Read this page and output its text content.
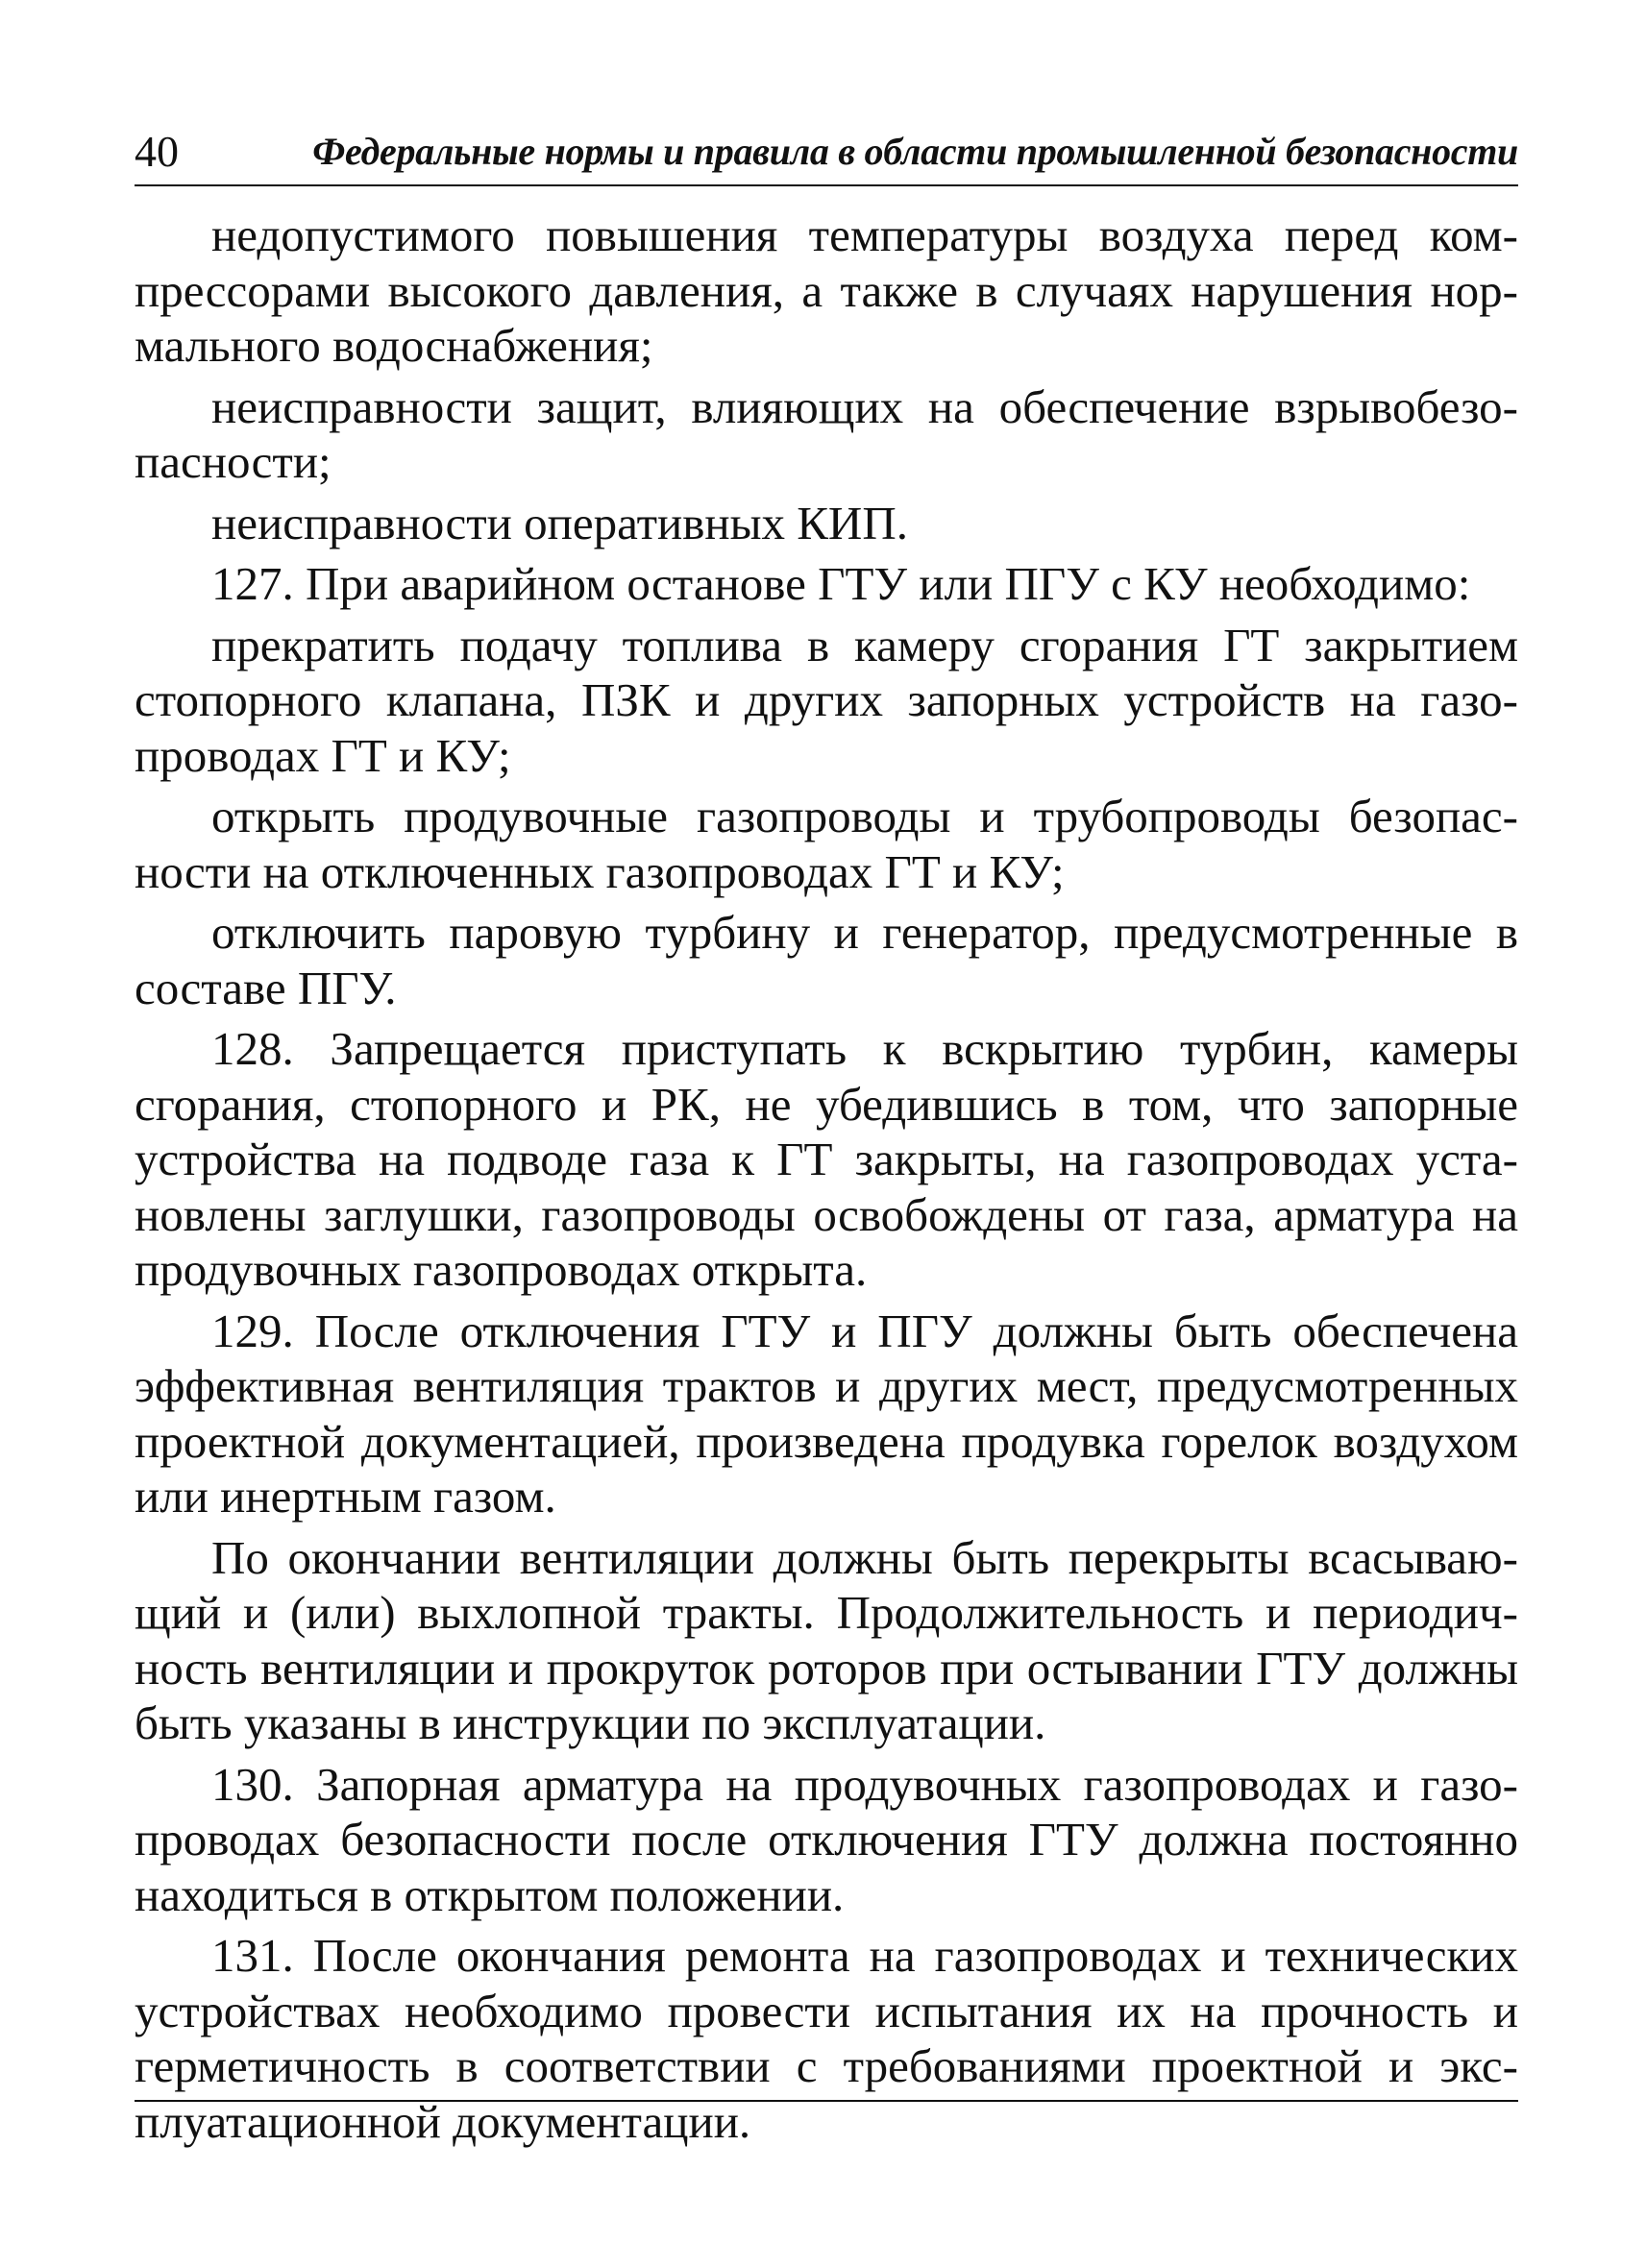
40	Федеральные нормы и правила в области промышленной безопасности

недопустимого повышения температуры воздуха перед компрессорами высокого давления, а также в случаях нарушения нормального водоснабжения;

неисправности защит, влияющих на обеспечение взрывобезопасности;

неисправности оперативных КИП.

127. При аварийном останове ГТУ или ПГУ с КУ необходимо:

прекратить подачу топлива в камеру сгорания ГТ закрытием стопорного клапана, ПЗК и других запорных устройств на газопроводах ГТ и КУ;

открыть продувочные газопроводы и трубопроводы безопасности на отключенных газопроводах ГТ и КУ;

отключить паровую турбину и генератор, предусмотренные в составе ПГУ.

128. Запрещается приступать к вскрытию турбин, камеры сгорания, стопорного и РК, не убедившись в том, что запорные устройства на подводе газа к ГТ закрыты, на газопроводах установлены заглушки, газопроводы освобождены от газа, арматура на продувочных газопроводах открыта.

129. После отключения ГТУ и ПГУ должны быть обеспечена эффективная вентиляция трактов и других мест, предусмотренных проектной документацией, произведена продувка горелок воздухом или инертным газом.

По окончании вентиляции должны быть перекрыты всасывающий и (или) выхлопной тракты. Продолжительность и периодичность вентиляции и прокруток роторов при остывании ГТУ должны быть указаны в инструкции по эксплуатации.

130. Запорная арматура на продувочных газопроводах и газопроводах безопасности после отключения ГТУ должна постоянно находиться в открытом положении.

131. После окончания ремонта на газопроводах и технических устройствах необходимо провести испытания их на прочность и герметичность в соответствии с требованиями проектной и эксплуатационной документации.
